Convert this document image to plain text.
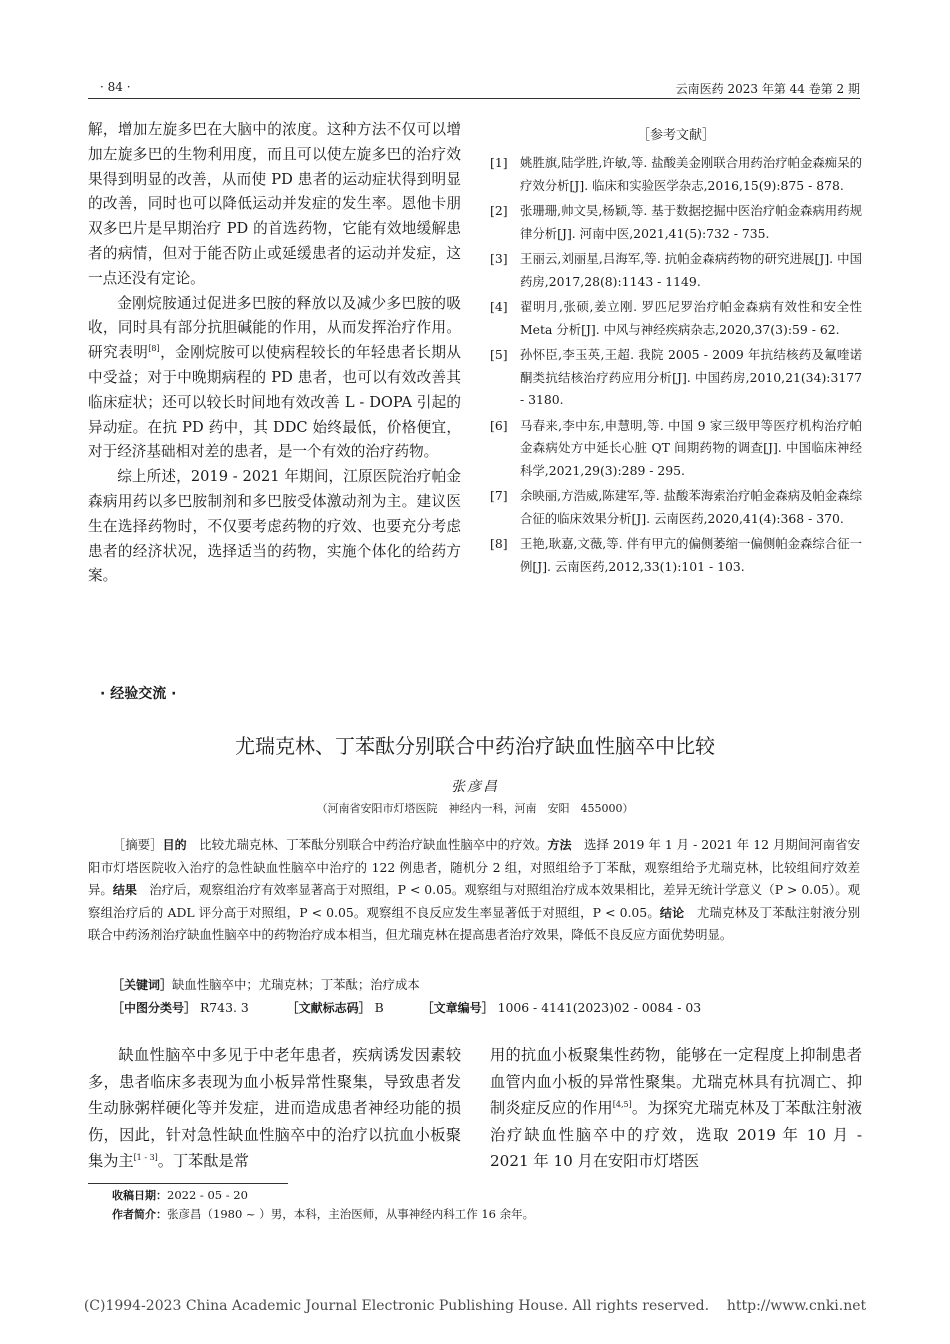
· 84 ·	云南医药 2023 年第 44 卷第 2 期

解，增加左旋多巴在大脑中的浓度。这种方法不仅可以增加左旋多巴的生物利用度，而且可以使左旋多巴的治疗效果得到明显的改善，从而使 PD 患者的运动症状得到明显的改善，同时也可以降低运动并发症的发生率。恩他卡朋双多巴片是早期治疗 PD 的首选药物，它能有效地缓解患者的病情，但对于能否防止或延缓患者的运动并发症，这一点还没有定论。

金刚烷胺通过促进多巴胺的释放以及减少多巴胺的吸收，同时具有部分抗胆碱能的作用，从而发挥治疗作用。研究表明[8]，金刚烷胺可以使病程较长的年轻患者长期从中受益；对于中晚期病程的 PD 患者，也可以有效改善其临床症状；还可以较长时间地有效改善 L - DOPA 引起的异动症。在抗 PD 药中，其 DDC 始终最低，价格便宜，对于经济基础相对差的患者，是一个有效的治疗药物。

综上所述，2019 - 2021 年期间，江原医院治疗帕金森病用药以多巴胺制剂和多巴胺受体激动剂为主。建议医生在选择药物时，不仅要考虑药物的疗效、也要充分考虑患者的经济状况，选择适当的药物，实施个体化的给药方案。

［参考文献］
[1]	姚胜旗,陆学胜,许敏,等. 盐酸美金刚联合用药治疗帕金森痴呆的疗效分析[J]. 临床和实验医学杂志,2016,15(9):875 - 878.
[2]	张珊珊,帅文昊,杨颖,等. 基于数据挖掘中医治疗帕金森病用药规律分析[J]. 河南中医,2021,41(5):732 - 735.
[3]	王丽云,刘丽星,吕海军,等. 抗帕金森病药物的研究进展[J]. 中国药房,2017,28(8):1143 - 1149.
[4]	翟明月,张硕,姜立刚. 罗匹尼罗治疗帕金森病有效性和安全性 Meta 分析[J]. 中风与神经疾病杂志,2020,37(3):59 - 62.
[5]	孙怀臣,李玉英,王超. 我院 2005 - 2009 年抗结核药及氟喹诺酮类抗结核治疗药应用分析[J]. 中国药房,2010,21(34):3177 - 3180.
[6]	马春来,李中东,申慧明,等. 中国 9 家三级甲等医疗机构治疗帕金森病处方中延长心脏 QT 间期药物的调查[J]. 中国临床神经科学,2021,29(3):289 - 295.
[7]	余映丽,方浩威,陈建军,等. 盐酸苯海索治疗帕金森病及帕金森综合征的临床效果分析[J]. 云南医药,2020,41(4):368 - 370.
[8]	王艳,耿嘉,文薇,等. 伴有甲亢的偏侧萎缩一偏侧帕金森综合征一例[J]. 云南医药,2012,33(1):101 - 103.
· 经验交流 ·
尤瑞克林、丁苯酞分别联合中药治疗缺血性脑卒中比较
张彦昌
（河南省安阳市灯塔医院　神经内一科，河南　安阳　455000）
［摘要］目的　 比较尤瑞克林、丁苯酞分别联合中药治疗缺血性脑卒中的疗效。方法　 选择 2019 年 1 月 - 2021 年 12 月期间河南省安阳市灯塔医院收入治疗的急性缺血性脑卒中治疗的 122 例患者，随机分 2 组，对照组给予丁苯酞，观察组给予尤瑞克林，比较组间疗效差异。结果　 治疗后，观察组治疗有效率显著高于对照组，P < 0.05。观察组与对照组治疗成本效果相比，差异无统计学意义（P > 0.05）。观察组治疗后的 ADL 评分高于对照组，P < 0.05。观察组不良反应发生率显著低于对照组，P < 0.05。结论　 尤瑞克林及丁苯酞注射液分别联合中药汤剂治疗缺血性脑卒中的药物治疗成本相当，但尤瑞克林在提高患者治疗效果，降低不良反应方面优势明显。
［关键词］缺血性脑卒中；尤瑞克林；丁苯酞；治疗成本
［中图分类号］ R743. 3	［文献标志码］ B	［文章编号］ 1006 - 4141(2023)02 - 0084 - 03

缺血性脑卒中多见于中老年患者，疾病诱发因素较多，患者临床多表现为血小板异常性聚集，导致患者发生动脉粥样硬化等并发症，进而造成患者神经功能的损伤，因此，针对急性缺血性脑卒中的治疗以抗血小板聚集为主[1 - 3]。丁苯酞是常

用的抗血小板聚集性药物，能够在一定程度上抑制患者血管内血小板的异常性聚集。尤瑞克林具有抗凋亡、抑制炎症反应的作用[4,5]。为探究尤瑞克林及丁苯酞注射液治疗缺血性脑卒中的疗效，选取 2019 年 10 月 - 2021 年 10 月在安阳市灯塔医

收稿日期：2022 - 05 - 20
作者简介：张彦昌（1980 ~ ）男，本科，主治医师，从事神经内科工作 16 余年。
(C)1994-2023 China Academic Journal Electronic Publishing House. All rights reserved.    http://www.cnki.net
